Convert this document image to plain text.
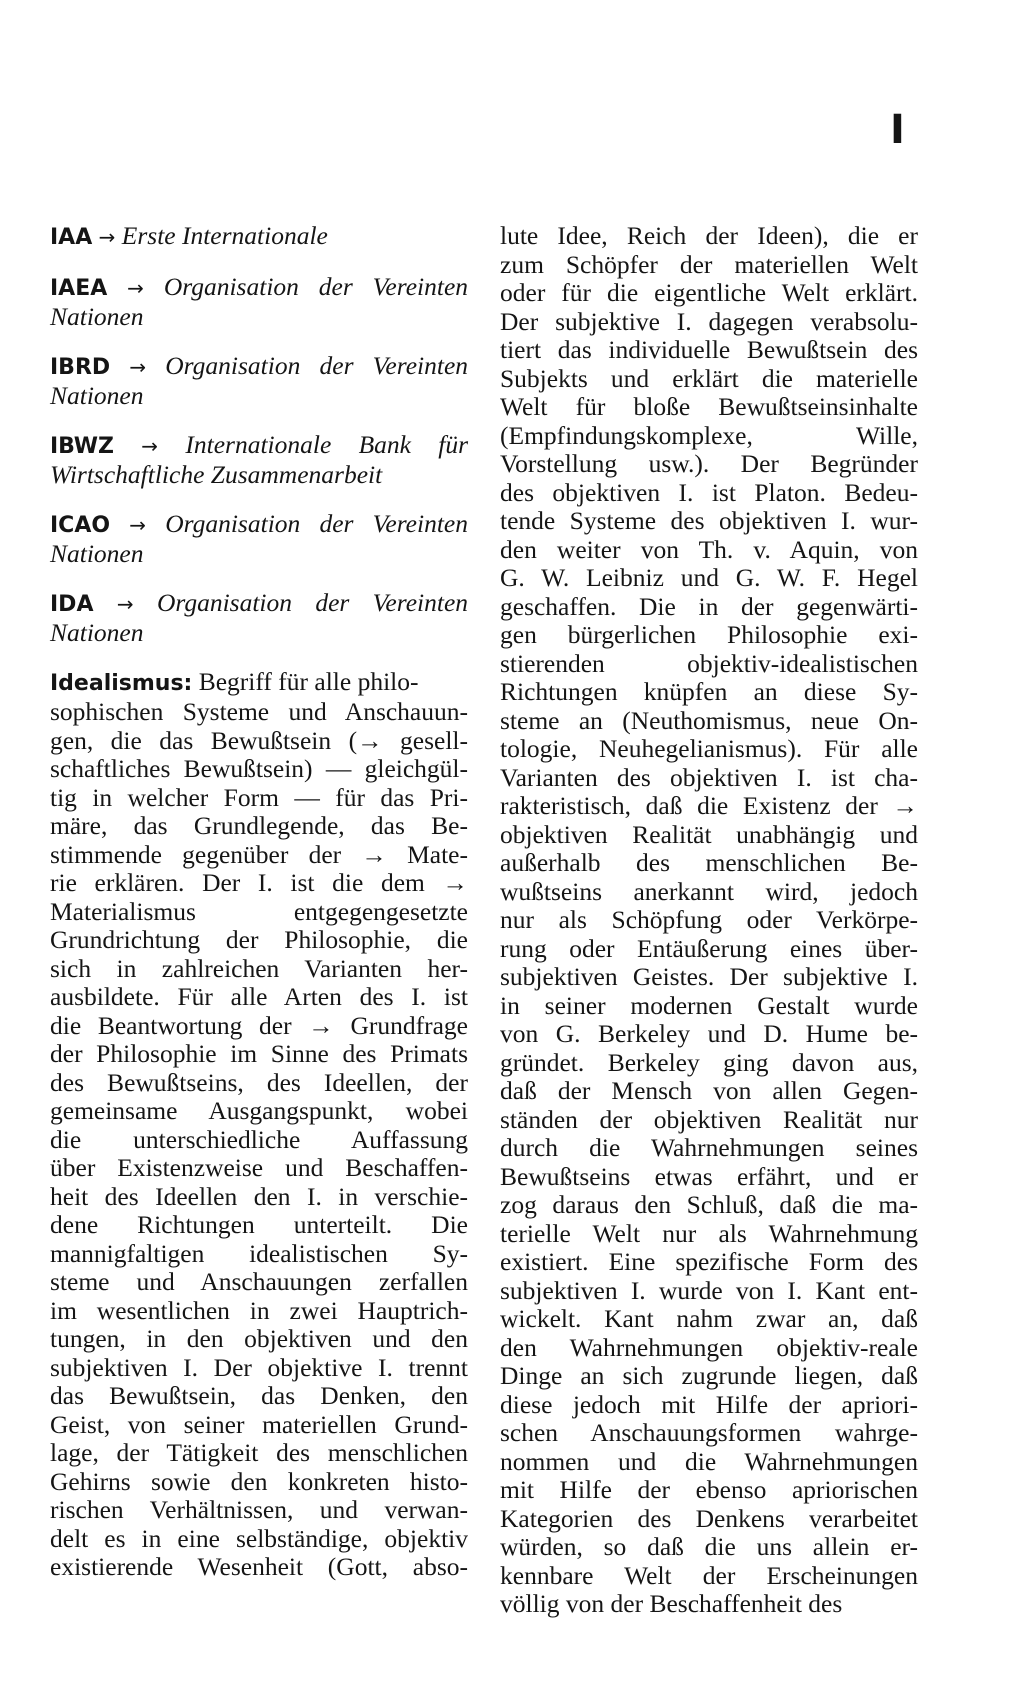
I
IAA → Erste Internationale
IAEA → Organisation der Vereinten
Nationen
IBRD → Organisation der Vereinten
Nationen
IBWZ → Internationale Bank für
Wirtschaftliche Zusammenarbeit
ICAO → Organisation der Vereinten
Nationen
IDA → Organisation der Vereinten
Nationen
Idealismus: Begriff für alle philo-
sophischen Systeme und Anschauun-
gen, die das Bewußtsein (→ gesell-
schaftliches Bewußtsein) — gleichgül-
tig in welcher Form — für das Pri-
märe, das Grundlegende, das Be-
stimmende gegenüber der → Mate-
rie erklären. Der I. ist die dem →
Materialismus entgegengesetzte
Grundrichtung der Philosophie, die
sich in zahlreichen Varianten her-
ausbildete. Für alle Arten des I. ist
die Beantwortung der → Grundfrage
der Philosophie im Sinne des Primats
des Bewußtseins, des Ideellen, der
gemeinsame Ausgangspunkt, wobei
die unterschiedliche Auffassung
über Existenzweise und Beschaffen-
heit des Ideellen den I. in verschie-
dene Richtungen unterteilt. Die
mannigfaltigen idealistischen Sy-
steme und Anschauungen zerfallen
im wesentlichen in zwei Hauptrich-
tungen, in den objektiven und den
subjektiven I. Der objektive I. trennt
das Bewußtsein, das Denken, den
Geist, von seiner materiellen Grund-
lage, der Tätigkeit des menschlichen
Gehirns sowie den konkreten histo-
rischen Verhältnissen, und verwan-
delt es in eine selbständige, objektiv
existierende Wesenheit (Gott, abso-
lute Idee, Reich der Ideen), die er
zum Schöpfer der materiellen Welt
oder für die eigentliche Welt erklärt.
Der subjektive I. dagegen verabsolu-
tiert das individuelle Bewußtsein des
Subjekts und erklärt die materielle
Welt für bloße Bewußtseinsinhalte
(Empfindungskomplexe, Wille,
Vorstellung usw.). Der Begründer
des objektiven I. ist Platon. Bedeu-
tende Systeme des objektiven I. wur-
den weiter von Th. v. Aquin, von
G. W. Leibniz und G. W. F. Hegel
geschaffen. Die in der gegenwärti-
gen bürgerlichen Philosophie exi-
stierenden objektiv-idealistischen
Richtungen knüpfen an diese Sy-
steme an (Neuthomismus, neue On-
tologie, Neuhegelianismus). Für alle
Varianten des objektiven I. ist cha-
rakteristisch, daß die Existenz der →
objektiven Realität unabhängig und
außerhalb des menschlichen Be-
wußtseins anerkannt wird, jedoch
nur als Schöpfung oder Verkörpe-
rung oder Entäußerung eines über-
subjektiven Geistes. Der subjektive I.
in seiner modernen Gestalt wurde
von G. Berkeley und D. Hume be-
gründet. Berkeley ging davon aus,
daß der Mensch von allen Gegen-
ständen der objektiven Realität nur
durch die Wahrnehmungen seines
Bewußtseins etwas erfährt, und er
zog daraus den Schluß, daß die ma-
terielle Welt nur als Wahrnehmung
existiert. Eine spezifische Form des
subjektiven I. wurde von I. Kant ent-
wickelt. Kant nahm zwar an, daß
den Wahrnehmungen objektiv-reale
Dinge an sich zugrunde liegen, daß
diese jedoch mit Hilfe der apriori-
schen Anschauungsformen wahrge-
nommen und die Wahrnehmungen
mit Hilfe der ebenso apriorischen
Kategorien des Denkens verarbeitet
würden, so daß die uns allein er-
kennbare Welt der Erscheinungen
völlig von der Beschaffenheit des
